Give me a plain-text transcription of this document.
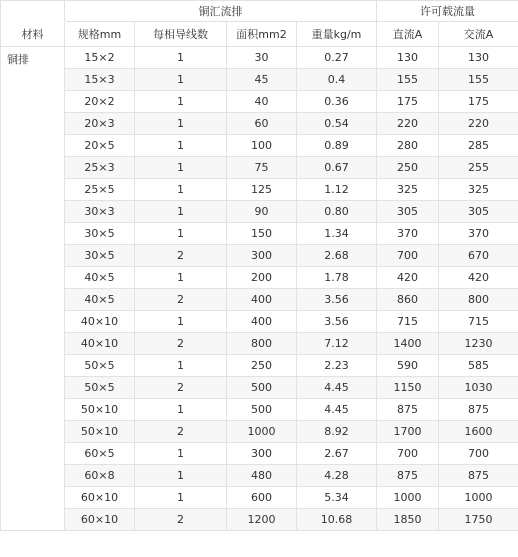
	铜汇流排				许可载流量	
材料	规格mm	每相导线数	面积mm2	重量kg/m	直流A	交流A
铜排	15×2	1	30	0.27	130	130
	15×3	1	45	0.4	155	155
	20×2	1	40	0.36	175	175
	20×3	1	60	0.54	220	220
	20×5	1	100	0.89	280	285
	25×3	1	75	0.67	250	255
	25×5	1	125	1.12	325	325
	30×3	1	90	0.80	305	305
	30×5	1	150	1.34	370	370
	30×5	2	300	2.68	700	670
	40×5	1	200	1.78	420	420
	40×5	2	400	3.56	860	800
	40×10	1	400	3.56	715	715
	40×10	2	800	7.12	1400	1230
	50×5	1	250	2.23	590	585
	50×5	2	500	4.45	1150	1030
	50×10	1	500	4.45	875	875
	50×10	2	1000	8.92	1700	1600
	60×5	1	300	2.67	700	700
	60×8	1	480	4.28	875	875
	60×10	1	600	5.34	1000	1000
	60×10	2	1200	10.68	1850	1750
